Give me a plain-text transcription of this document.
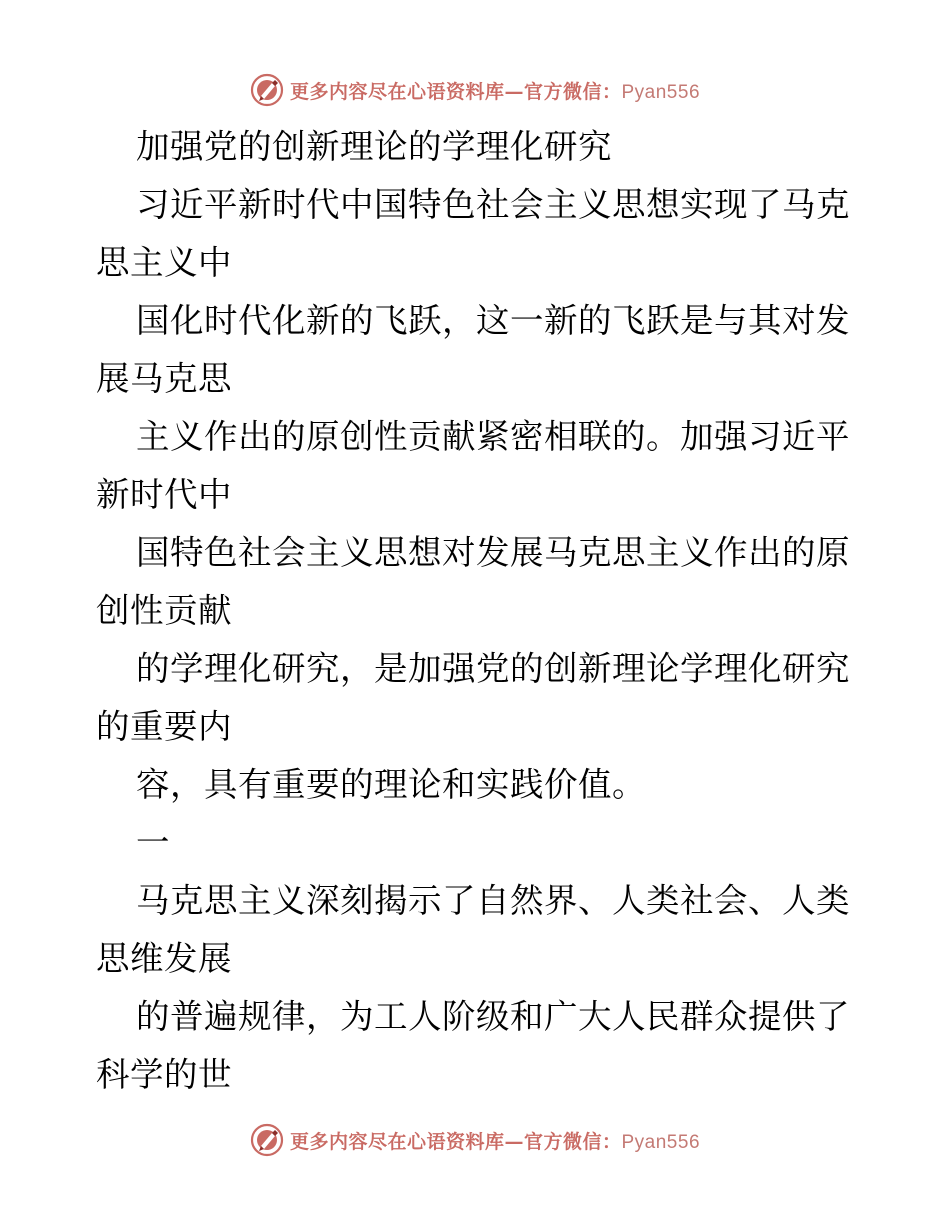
更多内容尽在心语资料库—官方微信：Pyan556
加强党的创新理论的学理化研究
习近平新时代中国特色社会主义思想实现了马克
思主义中
国化时代化新的飞跃，这一新的飞跃是与其对发
展马克思
主义作出的原创性贡献紧密相联的。加强习近平
新时代中
国特色社会主义思想对发展马克思主义作出的原
创性贡献
的学理化研究，是加强党的创新理论学理化研究
的重要内
容，具有重要的理论和实践价值。
一
马克思主义深刻揭示了自然界、人类社会、人类
思维发展
的普遍规律，为工人阶级和广大人民群众提供了
科学的世
更多内容尽在心语资料库—官方微信：Pyan556
